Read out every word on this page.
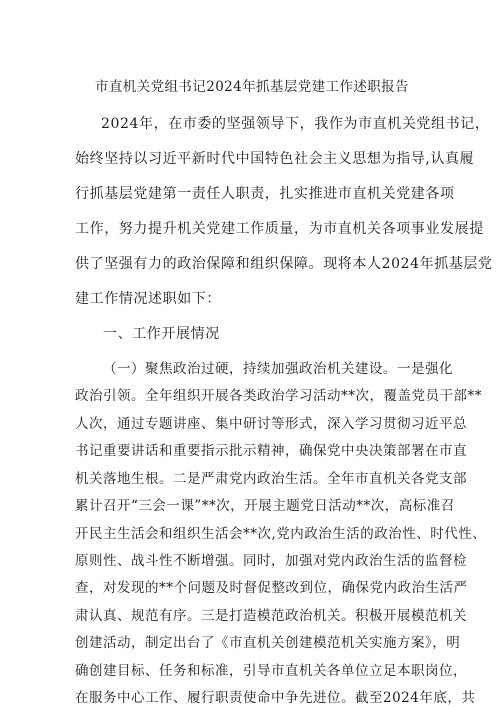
市直机关党组书记2024年抓基层党建工作述职报告
2024年，在市委的坚强领导下，我作为市直机关党组书记，
始终坚持以习近平新时代中国特色社会主义思想为指导,认真履
行抓基层党建第一责任人职责，扎实推进市直机关党建各项
工作，努力提升机关党建工作质量，为市直机关各项事业发展提
供了坚强有力的政治保障和组织保障。现将本人2024年抓基层党
建工作情况述职如下：
一、工作开展情况
（一）聚焦政治过硬，持续加强政治机关建设。一是强化
政治引领。全年组织开展各类政治学习活动**次，覆盖党员干部**
人次，通过专题讲座、集中研讨等形式，深入学习贯彻习近平总
书记重要讲话和重要指示批示精神，确保党中央决策部署在市直
机关落地生根。二是严肃党内政治生活。全年市直机关各党支部
累计召开“三会一课”**次，开展主题党日活动**次，高标准召
开民主生活会和组织生活会**次,党内政治生活的政治性、时代性、
原则性、战斗性不断增强。同时，加强对党内政治生活的监督检
查，对发现的**个问题及时督促整改到位，确保党内政治生活严
肃认真、规范有序。三是打造模范政治机关。积极开展模范机关
创建活动，制定出台了《市直机关创建模范机关实施方案》，明
确创建目标、任务和标准，引导市直机关各单位立足本职岗位，
在服务中心工作、履行职责使命中争先进位。截至2024年底，共
